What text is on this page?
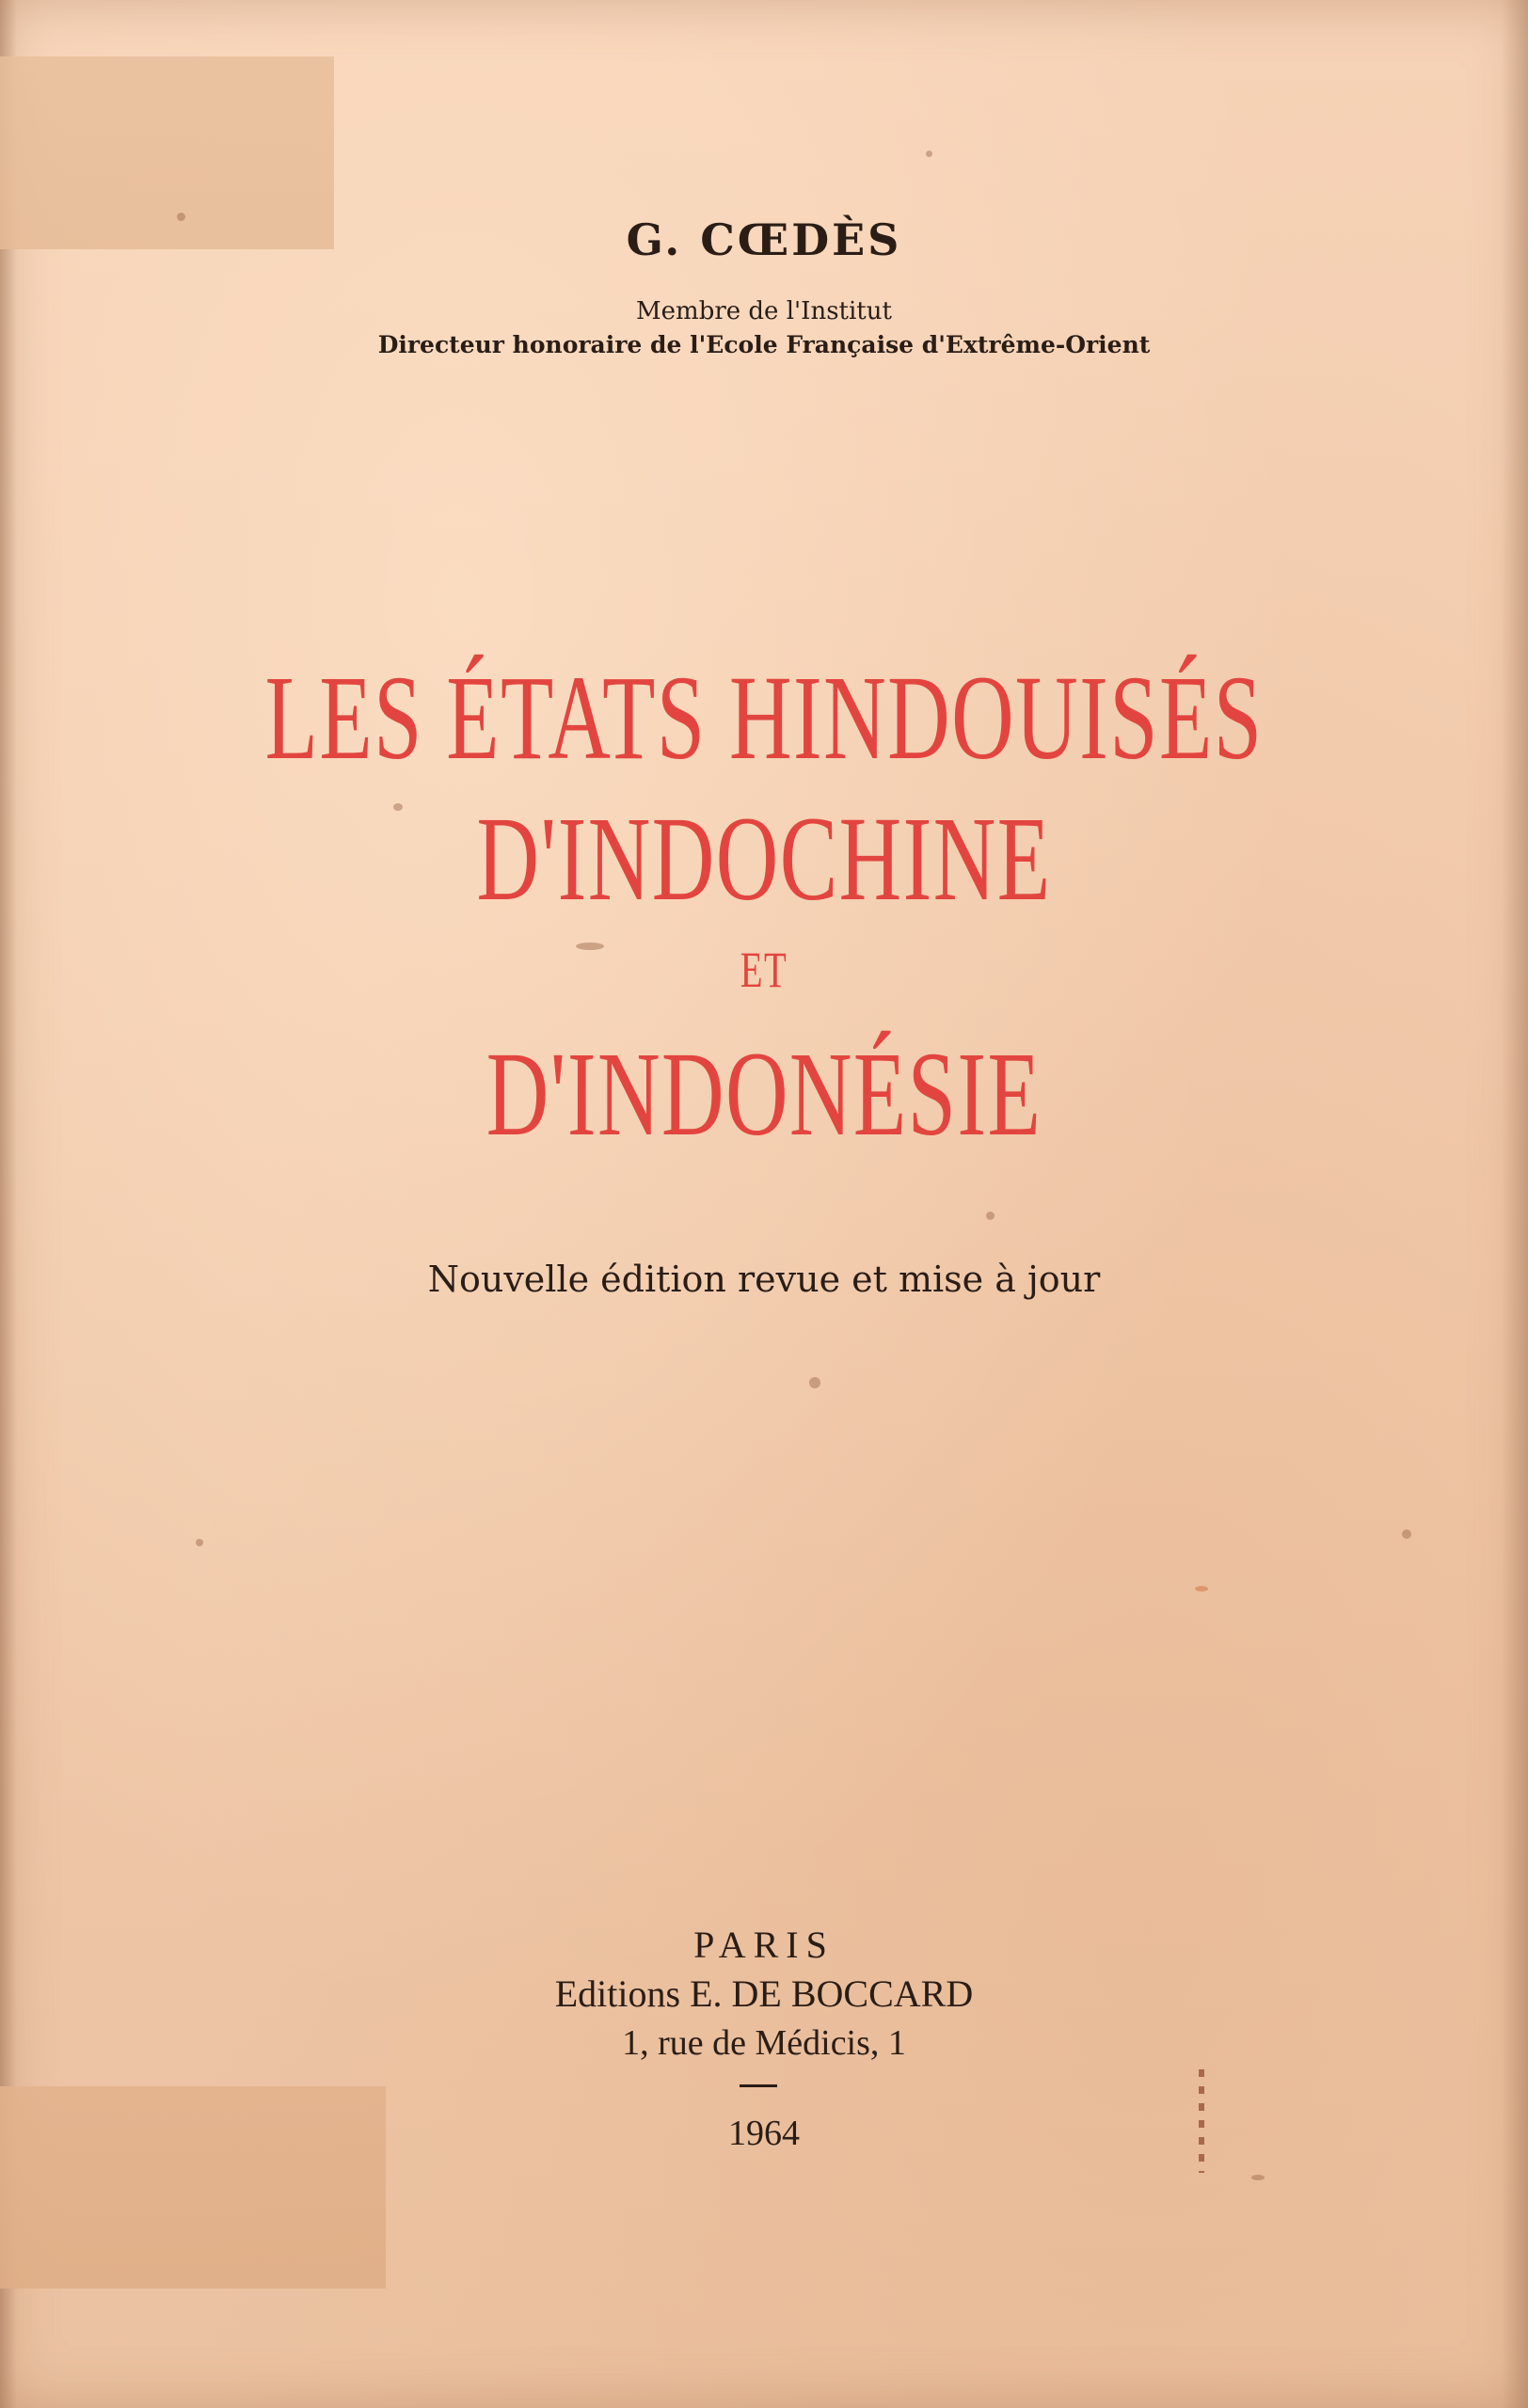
G. CŒDÈS
Membre de l'Institut
Directeur honoraire de l'Ecole Française d'Extrême-Orient
LES ÉTATS HINDOUISÉS
D'INDOCHINE
ET
D'INDONÉSIE
Nouvelle édition revue et mise à jour
PARIS
Editions E. DE BOCCARD
1, rue de Médicis, 1
1964
